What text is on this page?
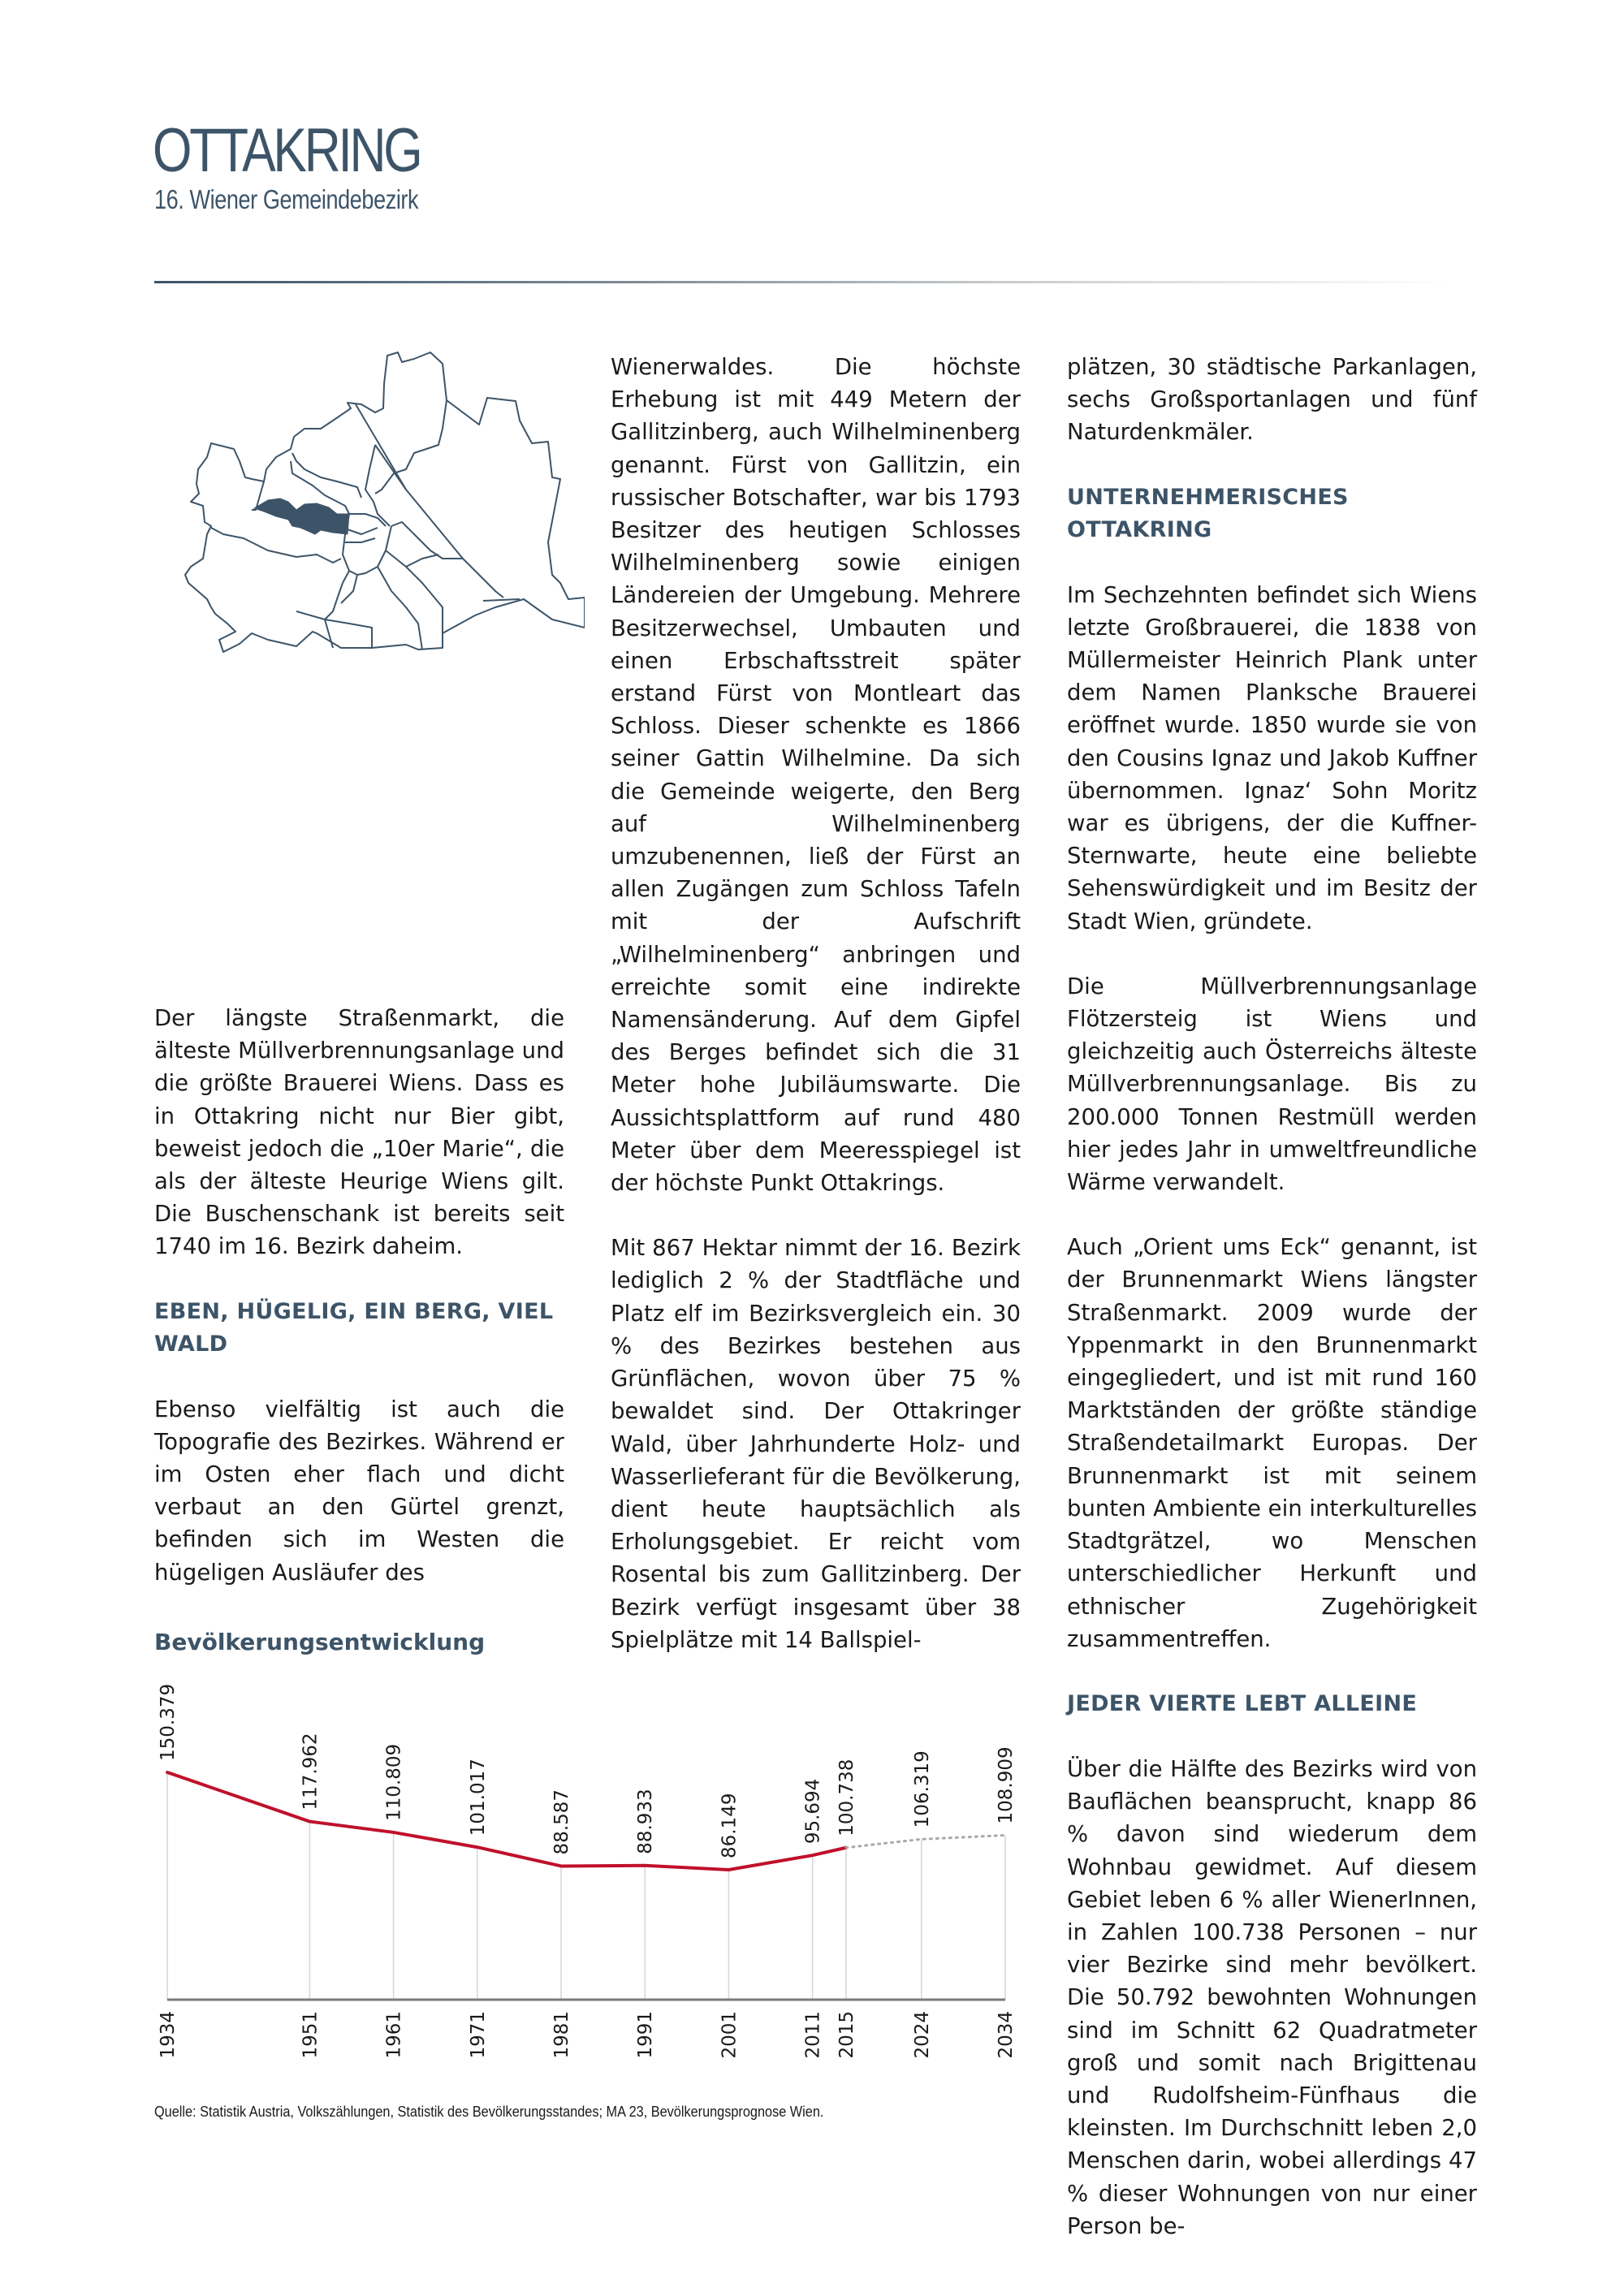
OTTAKRING
16. Wiener Gemeindebezirk

Der längste Straßenmarkt, die älteste Müllverbrennungsanlage und die größte Brauerei Wiens. Dass es in Ottakring nicht nur Bier gibt, beweist jedoch die „10er Marie“, die als der älteste Heurige Wiens gilt. Die Buschenschank ist bereits seit 1740 im 16. Bezirk daheim.

EBEN, HÜGELIG, EIN BERG, VIEL WALD

Ebenso vielfältig ist auch die Topografie des Bezirkes. Während er im Osten eher flach und dicht verbaut an den Gürtel grenzt, befinden sich im Westen die hügeligen Ausläufer des

Wienerwaldes. Die höchste Erhebung ist mit 449 Metern der Gallitzinberg, auch Wilhelminenberg genannt. Fürst von Gallitzin, ein russischer Botschafter, war bis 1793 Besitzer des heutigen Schlosses Wilhelminenberg sowie einigen Ländereien der Umgebung. Mehrere Besitzerwechsel, Umbauten und einen Erbschaftsstreit später erstand Fürst von Montleart das Schloss. Dieser schenkte es 1866 seiner Gattin Wilhelmine. Da sich die Gemeinde weigerte, den Berg auf Wilhelminenberg umzubenennen, ließ der Fürst an allen Zugängen zum Schloss Tafeln mit der Aufschrift „Wilhelminenberg“ anbringen und erreichte somit eine indirekte Namensänderung. Auf dem Gipfel des Berges befindet sich die 31 Meter hohe Jubiläumswarte. Die Aussichtsplattform auf rund 480 Meter über dem Meeresspiegel ist der höchste Punkt Ottakrings.

Mit 867 Hektar nimmt der 16. Bezirk lediglich 2 % der Stadtfläche und Platz elf im Bezirksvergleich ein. 30 % des Bezirkes bestehen aus Grünflächen, wovon über 75 % bewaldet sind. Der Ottakringer Wald, über Jahrhunderte Holz- und Wasserlieferant für die Bevölkerung, dient heute hauptsächlich als Erholungsgebiet. Er reicht vom Rosental bis zum Gallitzinberg. Der Bezirk verfügt insgesamt über 38 Spielplätze mit 14 Ballspiel-

plätzen, 30 städtische Parkanlagen, sechs Großsportanlagen und fünf Naturdenkmäler.

UNTERNEHMERISCHES OTTAKRING

Im Sechzehnten befindet sich Wiens letzte Großbrauerei, die 1838 von Müllermeister Heinrich Plank unter dem Namen Planksche Brauerei eröffnet wurde. 1850 wurde sie von den Cousins Ignaz und Jakob Kuffner übernommen. Ignaz‘ Sohn Moritz war es übrigens, der die Kuffner-Sternwarte, heute eine beliebte Sehenswürdigkeit und im Besitz der Stadt Wien, gründete.

Die Müllverbrennungsanlage Flötzersteig ist Wiens und gleichzeitig auch Österreichs älteste Müllverbrennungsanlage. Bis zu 200.000 Tonnen Restmüll werden hier jedes Jahr in umweltfreundliche Wärme verwandelt.

Auch „Orient ums Eck“ genannt, ist der Brunnenmarkt Wiens längster Straßenmarkt. 2009 wurde der Yppenmarkt in den Brunnenmarkt eingegliedert, und ist mit rund 160 Marktständen der größte ständige Straßendetailmarkt Europas. Der Brunnenmarkt ist mit seinem bunten Ambiente ein interkulturelles Stadtgrätzel, wo Menschen unterschiedlicher Herkunft und ethnischer Zugehörigkeit zusammentreffen.

JEDER VIERTE LEBT ALLEINE

Über die Hälfte des Bezirks wird von Bauflächen beansprucht, knapp 86 % davon sind wiederum dem Wohnbau gewidmet. Auf diesem Gebiet leben 6 % aller WienerInnen, in Zahlen 100.738 Personen – nur vier Bezirke sind mehr bevölkert. Die 50.792 bewohnten Wohnungen sind im Schnitt 62 Quadratmeter groß und somit nach Brigittenau und Rudolfsheim-Fünfhaus die kleinsten. Im Durchschnitt leben 2,0 Menschen darin, wobei allerdings 47 % dieser Wohnungen von nur einer Person be-

Bevölkerungsentwicklung
150.379
1934
117.962
1951
110.809
1961
101.017
1971
88.587
1981
88.933
1991
86.149
2001
95.694
2011
100.738
2015
106.319
2024
108.909
2034
Quelle: Statistik Austria, Volkszählungen, Statistik des Bevölkerungsstandes; MA 23, Bevölkerungsprognose Wien.
